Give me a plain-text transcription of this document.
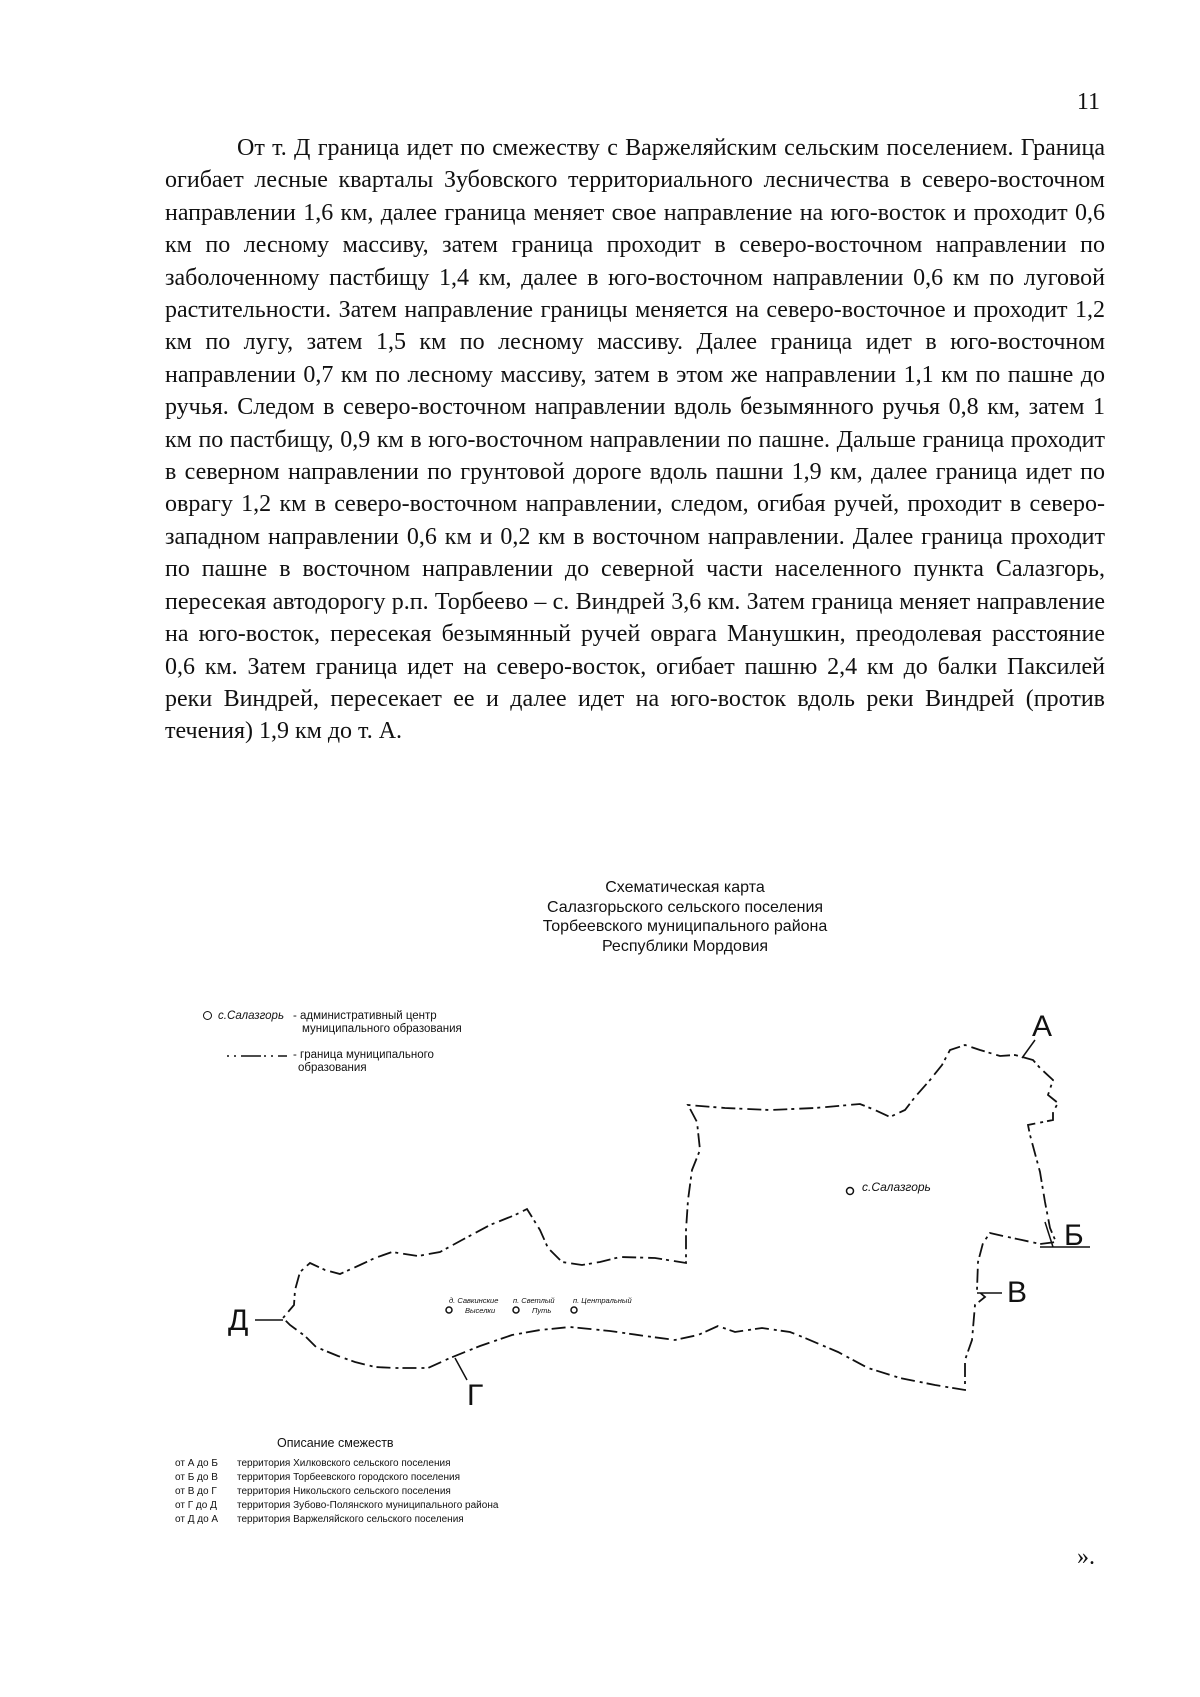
11

От т. Д граница идет по смежеству с Варжеляйским сельским поселением. Граница огибает лесные кварталы Зубовского территориального лесничества в северо-восточном направлении 1,6 км, далее граница меняет свое направление на юго-восток и проходит 0,6 км по лесному массиву, затем граница проходит в северо-восточном направлении по заболоченному пастбищу 1,4 км, далее в юго-восточном направлении 0,6 км по луговой растительности. Затем направление границы меняется на северо-восточное и проходит 1,2 км по лугу, затем 1,5 км по лесному массиву. Далее граница идет в юго-восточном направлении 0,7 км по лесному массиву, затем в этом же направлении 1,1 км по пашне до ручья. Следом в северо-восточном направлении вдоль безымянного ручья 0,8 км, затем 1 км по пастбищу, 0,9 км в юго-восточном направлении по пашне. Дальше граница проходит в северном направлении по грунтовой дороге вдоль пашни 1,9 км, далее граница идет по оврагу 1,2 км в северо-восточном направлении, следом, огибая ручей, проходит в северо-западном направлении 0,6 км и 0,2 км в восточном направлении. Далее граница проходит по пашне в восточном направлении до северной части населенного пункта Салазгорь, пересекая автодорогу р.п. Торбеево – с. Виндрей 3,6 км. Затем граница меняет направление на юго-восток, пересекая безымянный ручей оврага Манушкин, преодолевая расстояние 0,6 км. Затем граница идет на северо-восток, огибает пашню 2,4 км до балки Паксилей реки Виндрей, пересекает ее и далее идет на юго-восток вдоль реки Виндрей (против течения) 1,9 км до т. А.

Схематическая карта
Салазгорьского сельского поселения
Торбеевского муниципального района
Республики Мордовия
с.Салазгорь - административный центр
муниципального образования
- граница муниципального
образования
А
Б
В
Г
Д
с.Салазгорь
д. Савкинские
Выселки
п. Светлый
Путь
п. Центральный
Описание смежеств
от А до Б территория Хилковского сельского поселения
от Б до В территория Торбеевского городского поселения
от В до Г территория Никольского сельского поселения
от Г до Д территория Зубово-Полянского муниципального района
от Д до А территория Варжеляйского сельского поселения
».
